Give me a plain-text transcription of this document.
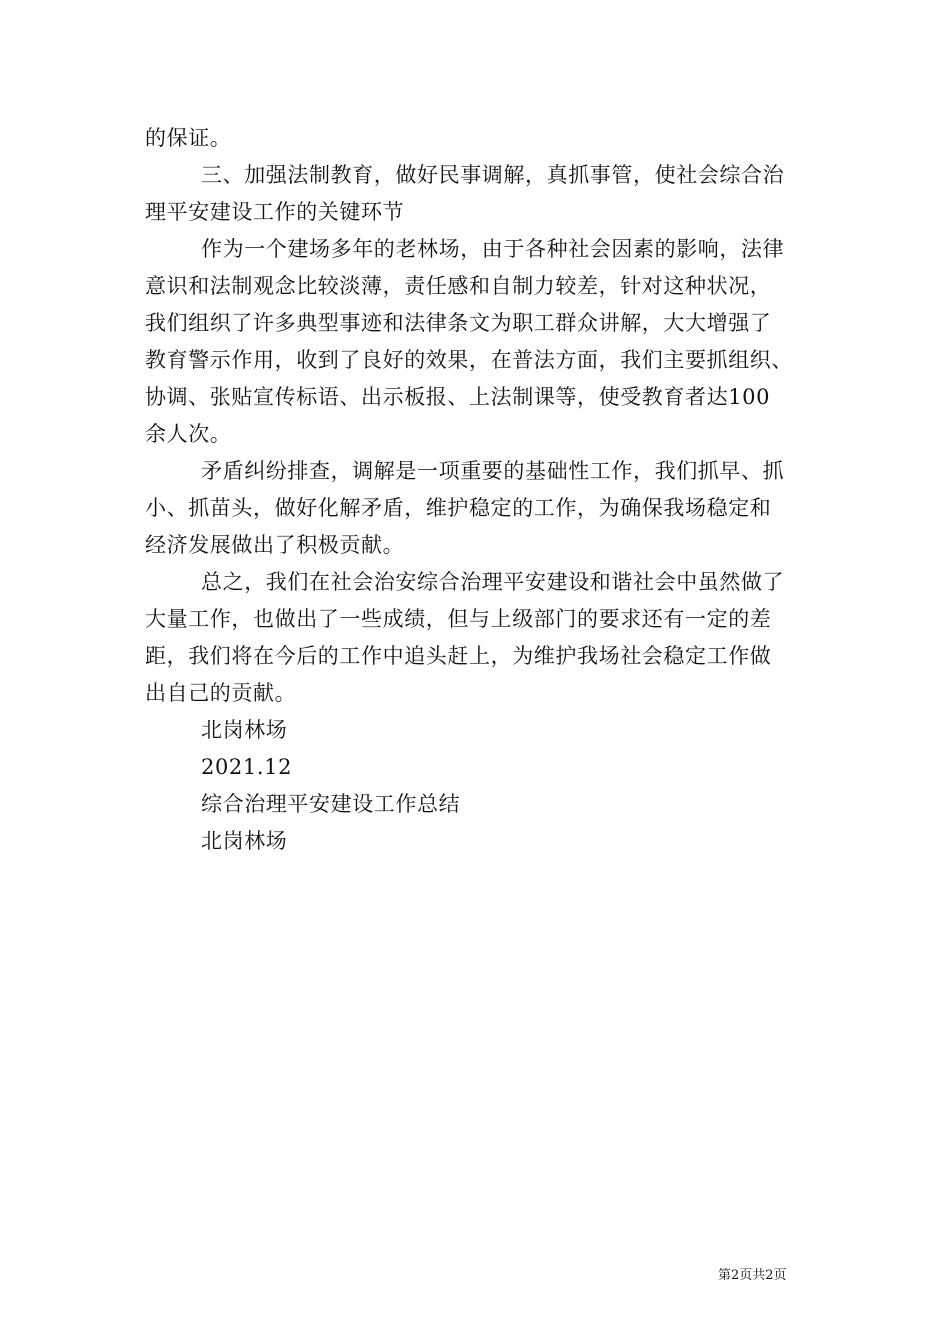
的保证。
三、加强法制教育，做好民事调解，真抓事管，使社会综合治
理平安建设工作的关键环节
作为一个建场多年的老林场，由于各种社会因素的影响，法律
意识和法制观念比较淡薄，责任感和自制力较差，针对这种状况，
我们组织了许多典型事迹和法律条文为职工群众讲解，大大增强了
教育警示作用，收到了良好的效果，在普法方面，我们主要抓组织、
协调、张贴宣传标语、出示板报、上法制课等，使受教育者达100
余人次。
矛盾纠纷排查，调解是一项重要的基础性工作，我们抓早、抓
小、抓苗头，做好化解矛盾，维护稳定的工作，为确保我场稳定和
经济发展做出了积极贡献。
总之，我们在社会治安综合治理平安建设和谐社会中虽然做了
大量工作，也做出了一些成绩，但与上级部门的要求还有一定的差
距，我们将在今后的工作中追头赶上，为维护我场社会稳定工作做
出自己的贡献。
北岗林场
2021.12
综合治理平安建设工作总结
北岗林场
第2页共2页
